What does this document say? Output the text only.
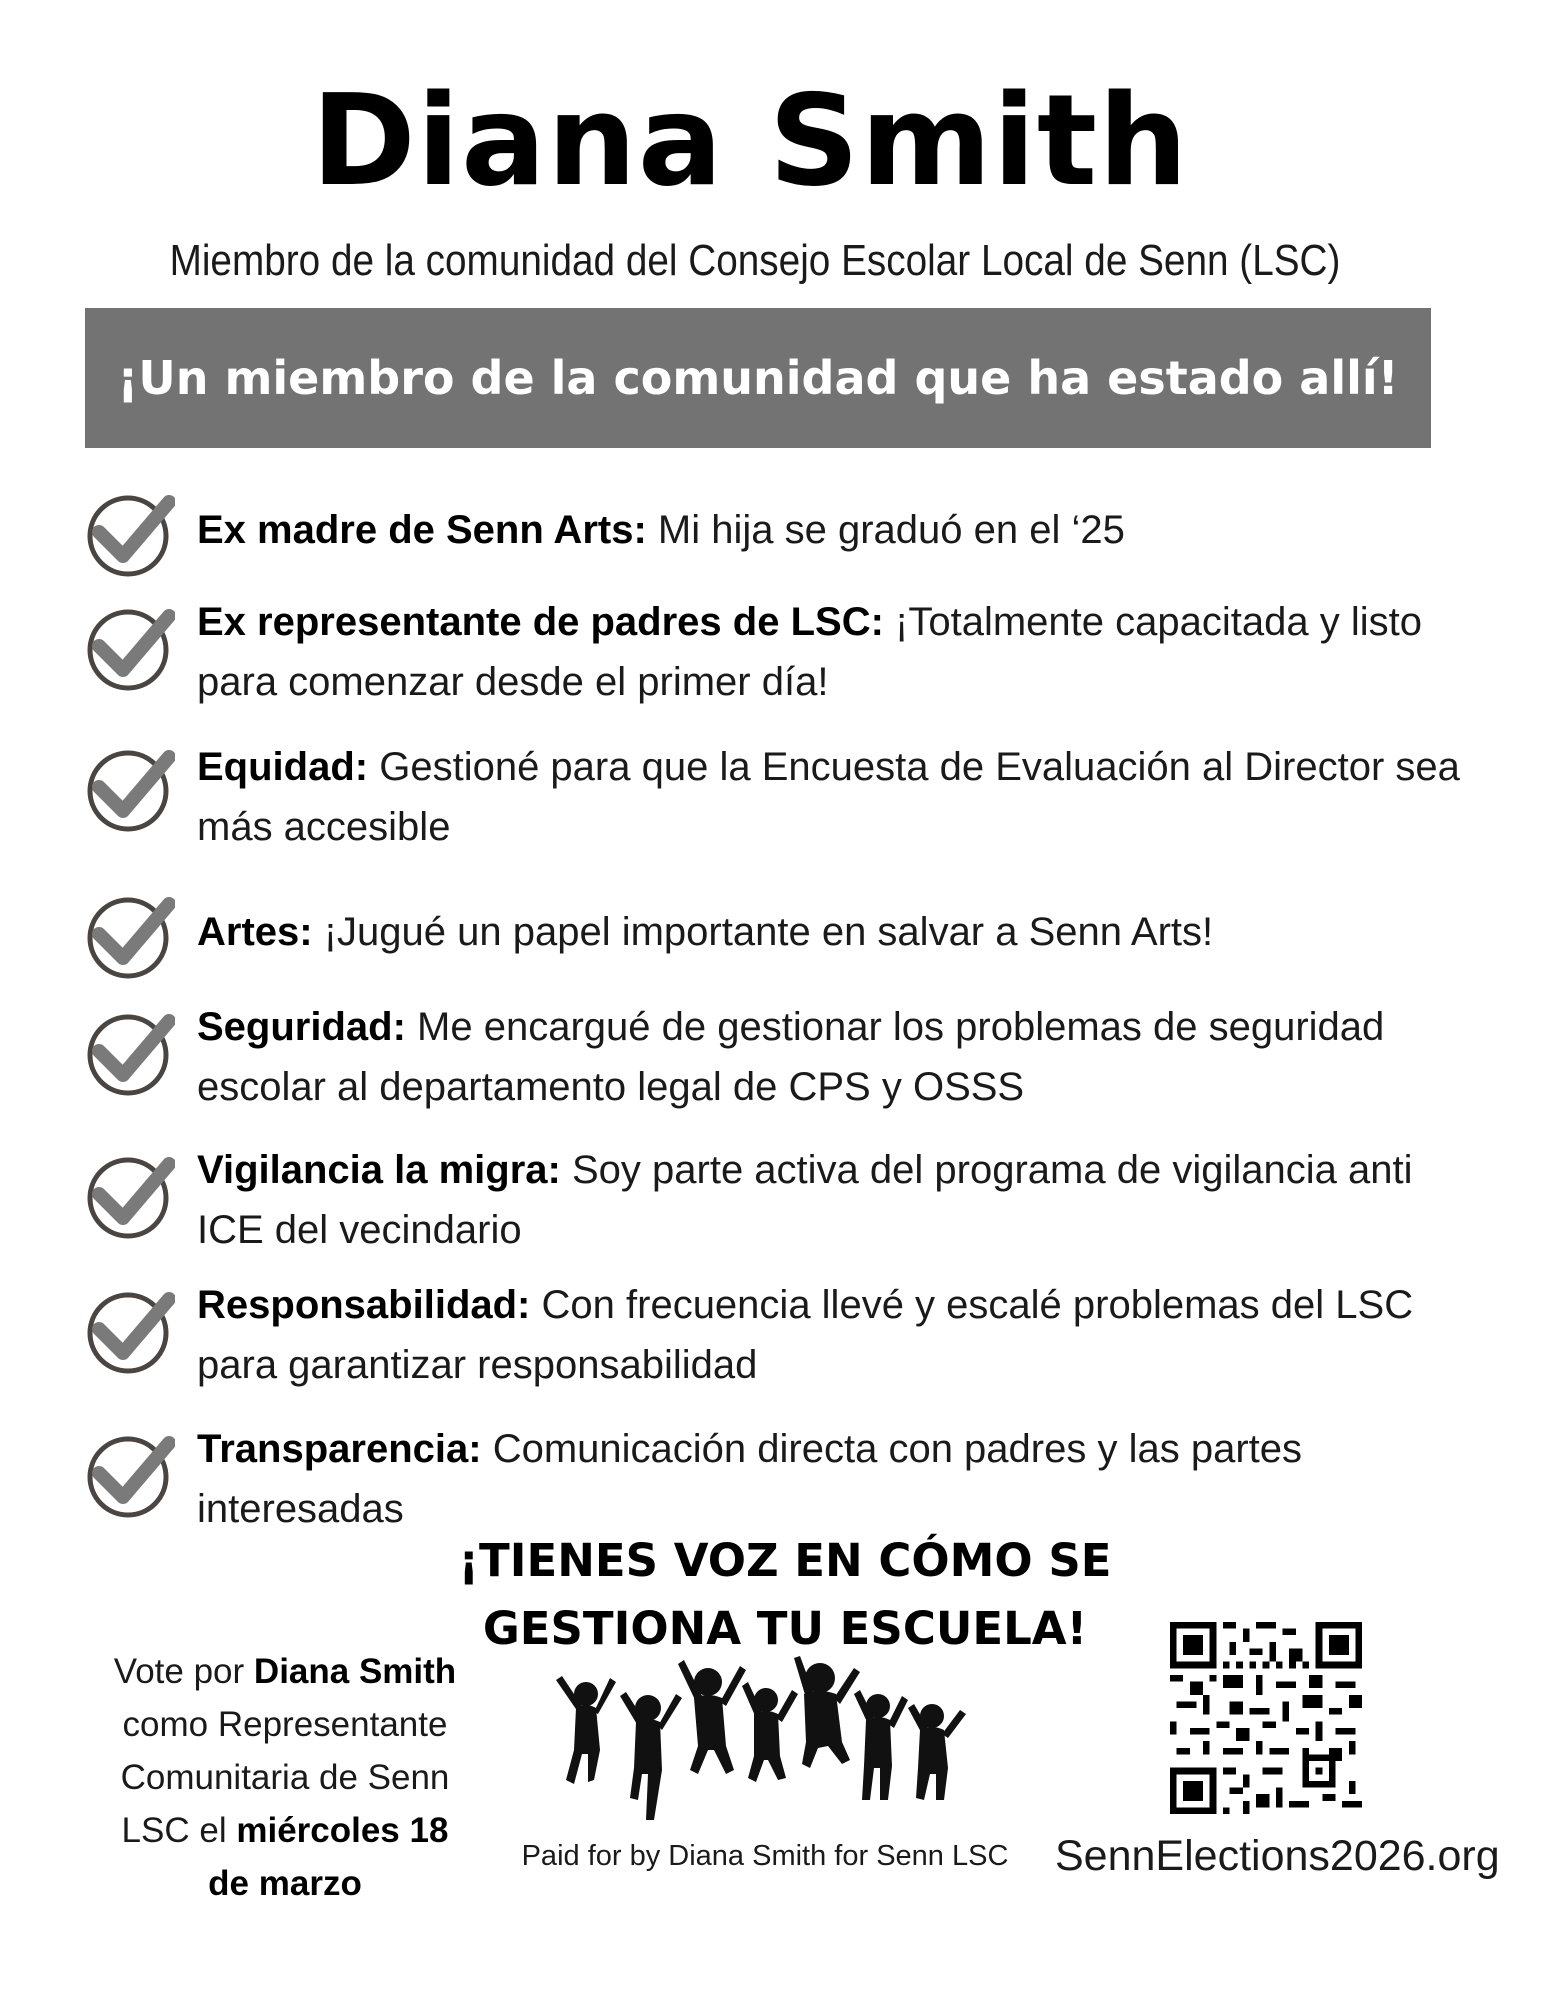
Diana Smith
Miembro de la comunidad del Consejo Escolar Local de Senn (LSC)
¡Un miembro de la comunidad que ha estado allí!
Ex madre de Senn Arts: Mi hija se graduó en el ‘25
Ex representante de padres de LSC: ¡Totalmente capacitada y listo para comenzar desde el primer día!
Equidad: Gestioné para que la Encuesta de Evaluación al Director sea más accesible
Artes: ¡Jugué un papel importante en salvar a Senn Arts!
Seguridad: Me encargué de gestionar los problemas de seguridad escolar al departamento legal de CPS y OSSS
Vigilancia la migra: Soy parte activa del programa de vigilancia anti ICE del vecindario
Responsabilidad: Con frecuencia llevé y escalé problemas del LSC para garantizar responsabilidad
Transparencia: Comunicación directa con padres y las partes interesadas
¡TIENES VOZ EN CÓMO SE
GESTIONA TU ESCUELA!
Vote por Diana Smith como Representante Comunitaria de Senn LSC el miércoles 18 de marzo
Paid for by Diana Smith for Senn LSC	SennElections2026.org
